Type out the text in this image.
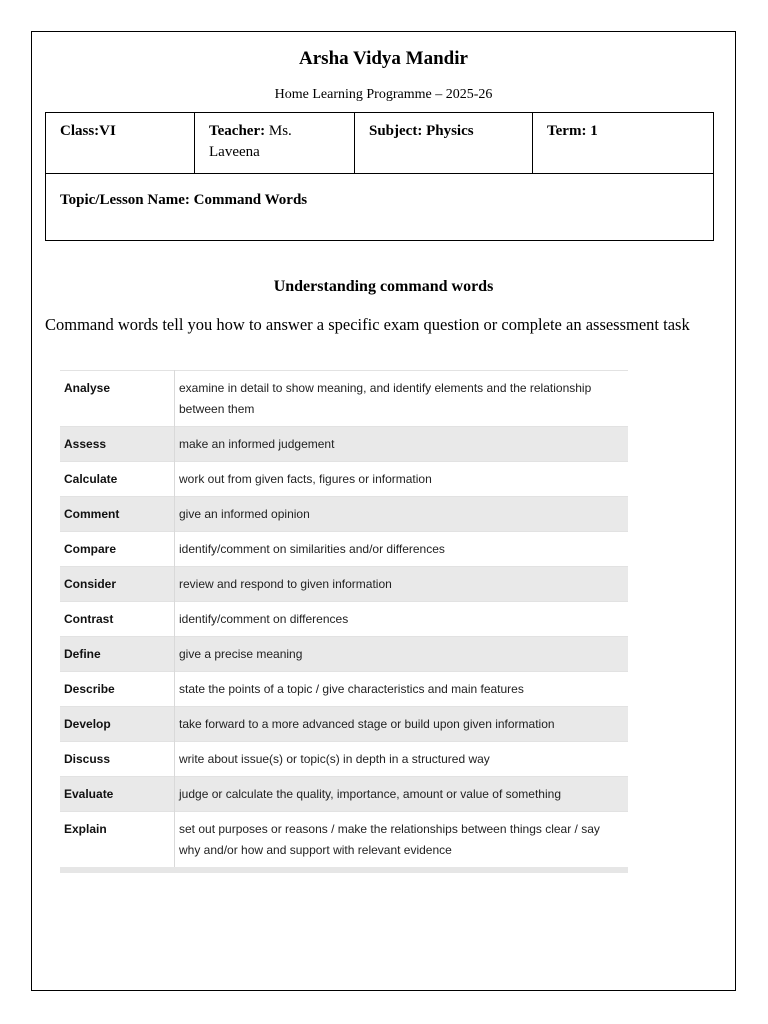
Arsha Vidya Mandir
Home Learning Programme – 2025-26
Class:VI	Teacher: Ms. Laveena	Subject: Physics	Term: 1
Topic/Lesson Name: Command Words
Understanding command words
Command words tell you how to answer a specific exam question or complete an assessment task
Analyse	examine in detail to show meaning, and identify elements and the relationship between them
Assess	make an informed judgement
Calculate	work out from given facts, figures or information
Comment	give an informed opinion
Compare	identify/comment on similarities and/or differences
Consider	review and respond to given information
Contrast	identify/comment on differences
Define	give a precise meaning
Describe	state the points of a topic / give characteristics and main features
Develop	take forward to a more advanced stage or build upon given information
Discuss	write about issue(s) or topic(s) in depth in a structured way
Evaluate	judge or calculate the quality, importance, amount or value of something
Explain	set out purposes or reasons / make the relationships between things clear / say why and/or how and support with relevant evidence
